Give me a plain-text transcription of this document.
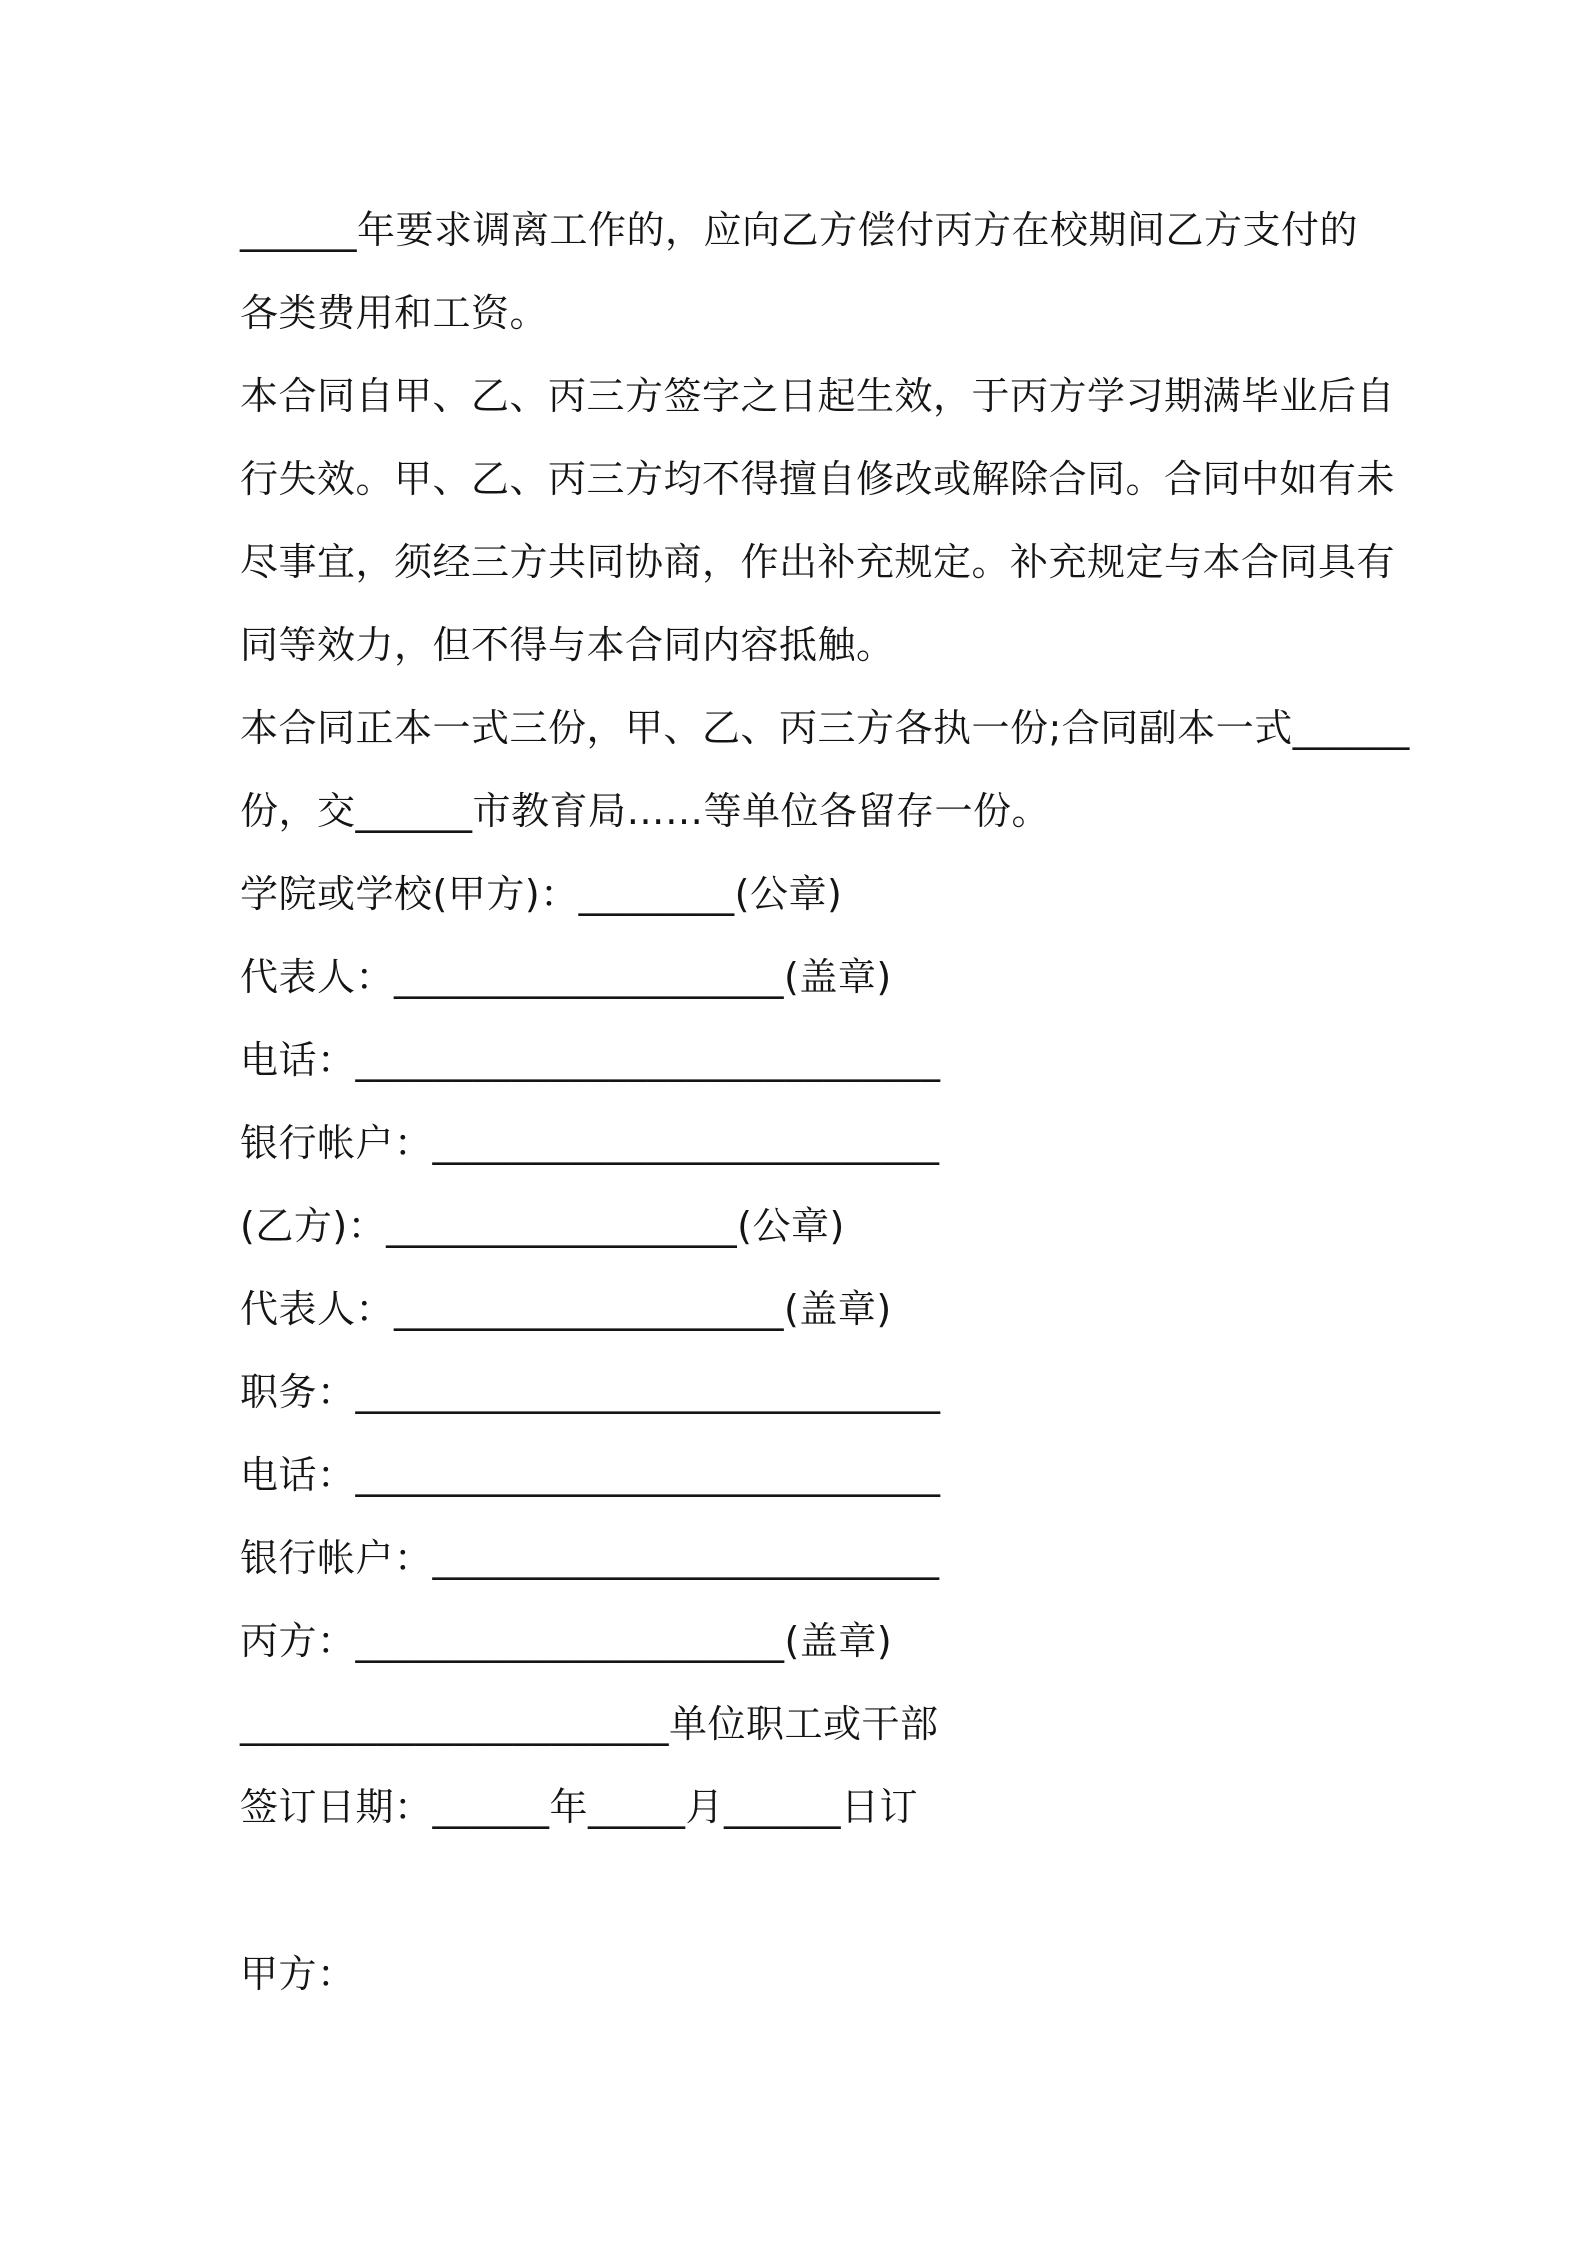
______年要求调离工作的，应向乙方偿付丙方在校期间乙方支付的

各类费用和工资。

本合同自甲、乙、丙三方签字之日起生效，于丙方学习期满毕业后自

行失效。甲、乙、丙三方均不得擅自修改或解除合同。合同中如有未

尽事宜，须经三方共同协商，作出补充规定。补充规定与本合同具有

同等效力，但不得与本合同内容抵触。

本合同正本一式三份，甲、乙、丙三方各执一份;合同副本一式______

份，交______市教育局……等单位各留存一份。

学院或学校(甲方)：________(公章)

代表人：____________________(盖章)

电话：______________________________

银行帐户：__________________________

(乙方)：__________________(公章)

代表人：____________________(盖章)

职务：______________________________

电话：______________________________

银行帐户：__________________________

丙方：______________________(盖章)

______________________单位职工或干部

签订日期：______年_____月______日订

甲方：
